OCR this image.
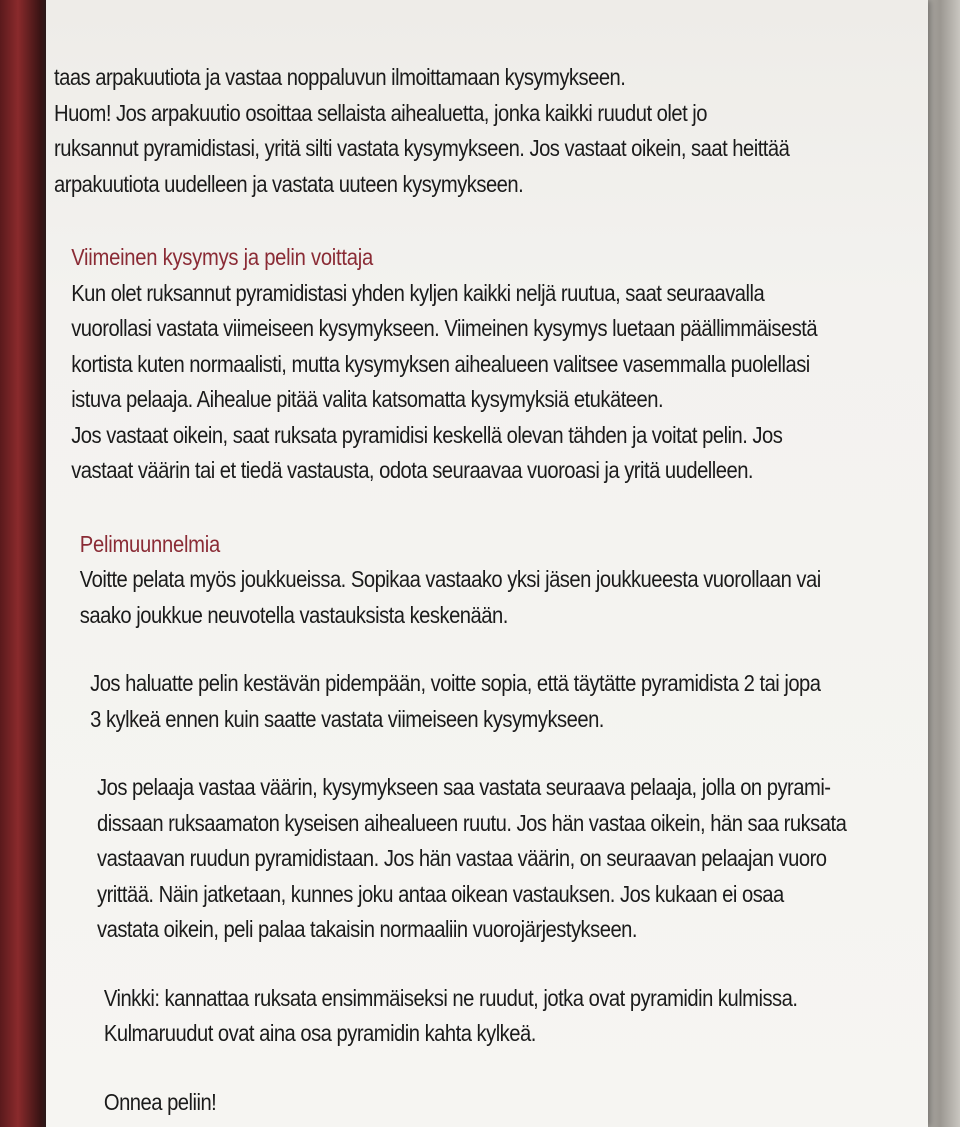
taas arpakuutiota ja vastaa noppaluvun ilmoittamaan kysymykseen.
Huom! Jos arpakuutio osoittaa sellaista aihealuetta, jonka kaikki ruudut olet jo
ruksannut pyramidistasi, yritä silti vastata kysymykseen. Jos vastaat oikein, saat heittää
arpakuutiota uudelleen ja vastata uuteen kysymykseen.

Viimeinen kysymys ja pelin voittaja

Kun olet ruksannut pyramidistasi yhden kyljen kaikki neljä ruutua, saat seuraavalla
vuorollasi vastata viimeiseen kysymykseen. Viimeinen kysymys luetaan päällimmäisestä
kortista kuten normaalisti, mutta kysymyksen aihealueen valitsee vasemmalla puolellasi
istuva pelaaja. Aihealue pitää valita katsomatta kysymyksiä etukäteen.
Jos vastaat oikein, saat ruksata pyramidisi keskellä olevan tähden ja voitat pelin. Jos
vastaat väärin tai et tiedä vastausta, odota seuraavaa vuoroasi ja yritä uudelleen.

Pelimuunnelmia

Voitte pelata myös joukkueissa. Sopikaa vastaako yksi jäsen joukkueesta vuorollaan vai
saako joukkue neuvotella vastauksista keskenään.

Jos haluatte pelin kestävän pidempään, voitte sopia, että täytätte pyramidista 2 tai jopa
3 kylkeä ennen kuin saatte vastata viimeiseen kysymykseen.

Jos pelaaja vastaa väärin, kysymykseen saa vastata seuraava pelaaja, jolla on pyrami-
dissaan ruksaamaton kyseisen aihealueen ruutu. Jos hän vastaa oikein, hän saa ruksata
vastaavan ruudun pyramidistaan. Jos hän vastaa väärin, on seuraavan pelaajan vuoro
yrittää. Näin jatketaan, kunnes joku antaa oikean vastauksen. Jos kukaan ei osaa
vastata oikein, peli palaa takaisin normaaliin vuorojärjestykseen.

Vinkki: kannattaa ruksata ensimmäiseksi ne ruudut, jotka ovat pyramidin kulmissa.
Kulmaruudut ovat aina osa pyramidin kahta kylkeä.

Onnea peliin!
